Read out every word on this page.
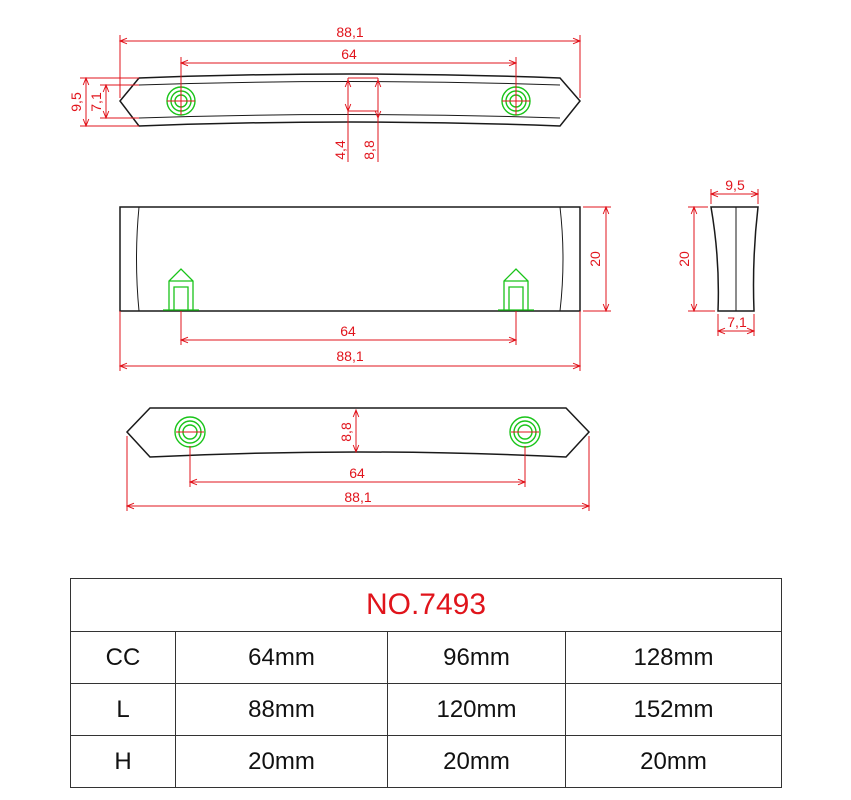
88,1
64
9,5 7,1
4,4 8,8
20
64
88,1
9,5
20
7,1
8,8
64
88,1
NO.7493			
CC	64mm	96mm	128mm
L	88mm	120mm	152mm
H	20mm	20mm	20mm
